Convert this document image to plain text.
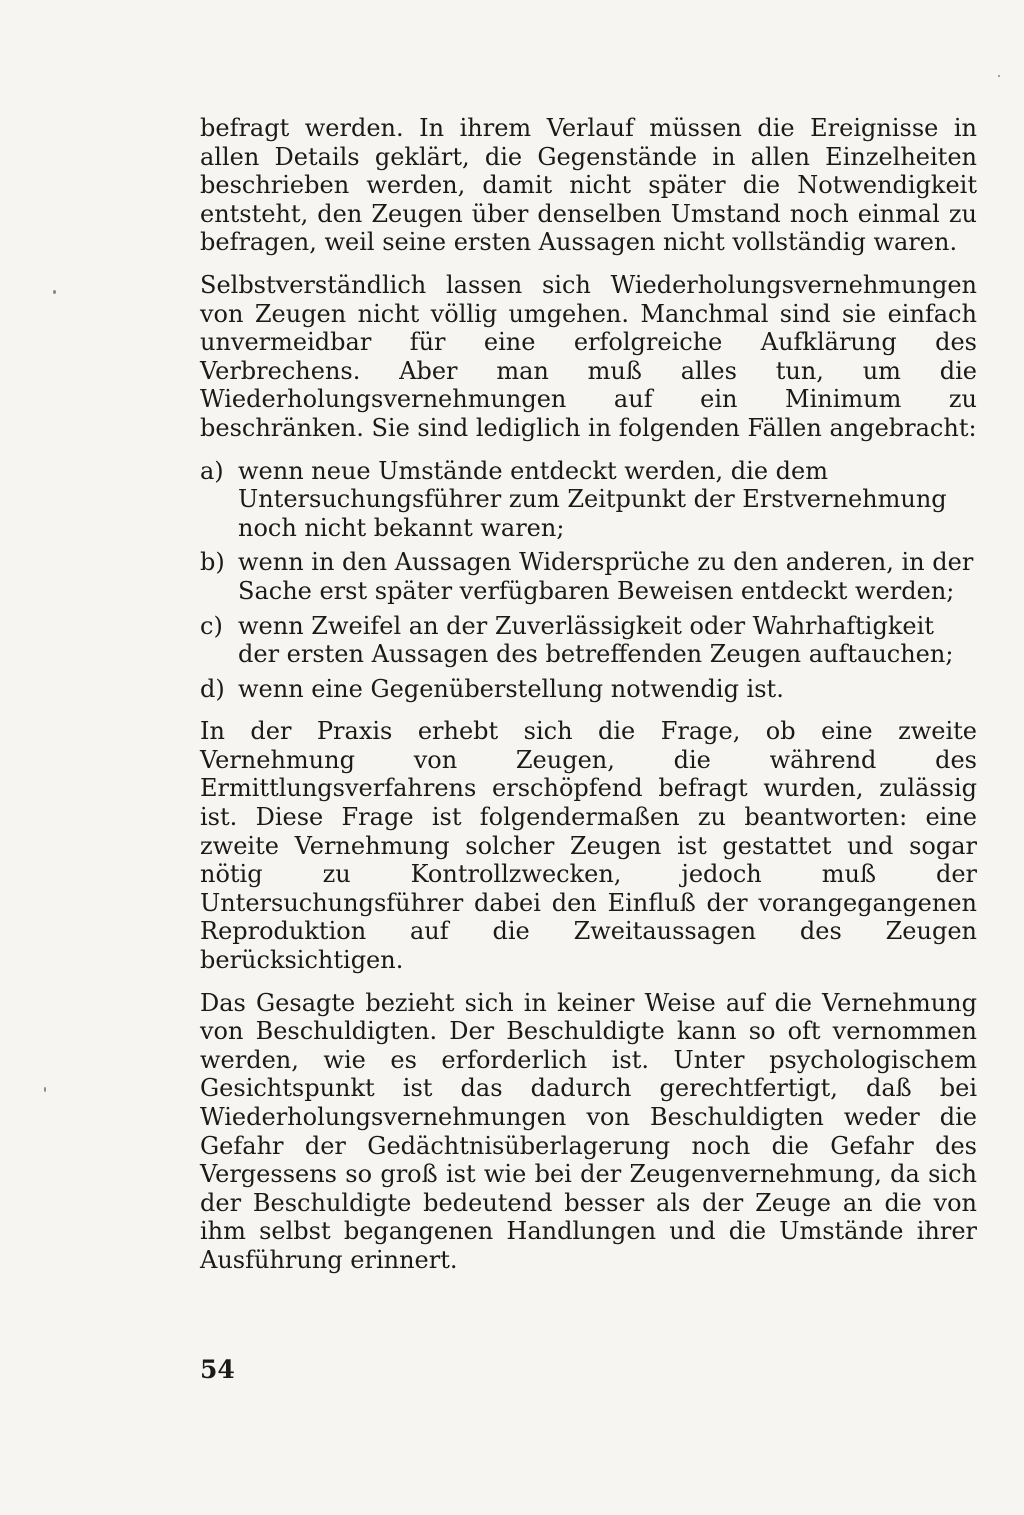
befragt werden. In ihrem Verlauf müssen die Ereignisse in allen Details geklärt, die Gegenstände in allen Einzelheiten beschrieben werden, damit nicht später die Notwendigkeit entsteht, den Zeugen über denselben Umstand noch einmal zu befragen, weil seine ersten Aussagen nicht vollständig waren.

Selbstverständlich lassen sich Wiederholungsvernehmungen von Zeugen nicht völlig umgehen. Manchmal sind sie einfach unvermeidbar für eine erfolgreiche Aufklärung des Verbrechens. Aber man muß alles tun, um die Wiederholungsvernehmungen auf ein Minimum zu beschränken. Sie sind lediglich in folgenden Fällen angebracht:

a) wenn neue Umstände entdeckt werden, die dem Untersuchungsführer zum Zeitpunkt der Erstvernehmung noch nicht bekannt waren;
b) wenn in den Aussagen Widersprüche zu den anderen, in der Sache erst später verfügbaren Beweisen entdeckt werden;
c) wenn Zweifel an der Zuverlässigkeit oder Wahrhaftigkeit der ersten Aussagen des betreffenden Zeugen auftauchen;
d) wenn eine Gegenüberstellung notwendig ist.

In der Praxis erhebt sich die Frage, ob eine zweite Vernehmung von Zeugen, die während des Ermittlungsverfahrens erschöpfend befragt wurden, zulässig ist. Diese Frage ist folgendermaßen zu beantworten: eine zweite Vernehmung solcher Zeugen ist gestattet und sogar nötig zu Kontrollzwecken, jedoch muß der Untersuchungsführer dabei den Einfluß der vorangegangenen Reproduktion auf die Zweitaussagen des Zeugen berücksichtigen.

Das Gesagte bezieht sich in keiner Weise auf die Vernehmung von Beschuldigten. Der Beschuldigte kann so oft vernommen werden, wie es erforderlich ist. Unter psychologischem Gesichtspunkt ist das dadurch gerechtfertigt, daß bei Wiederholungsvernehmungen von Beschuldigten weder die Gefahr der Gedächtnisüberlagerung noch die Gefahr des Vergessens so groß ist wie bei der Zeugenvernehmung, da sich der Beschuldigte bedeutend besser als der Zeuge an die von ihm selbst begangenen Handlungen und die Umstände ihrer Ausführung erinnert.

54
